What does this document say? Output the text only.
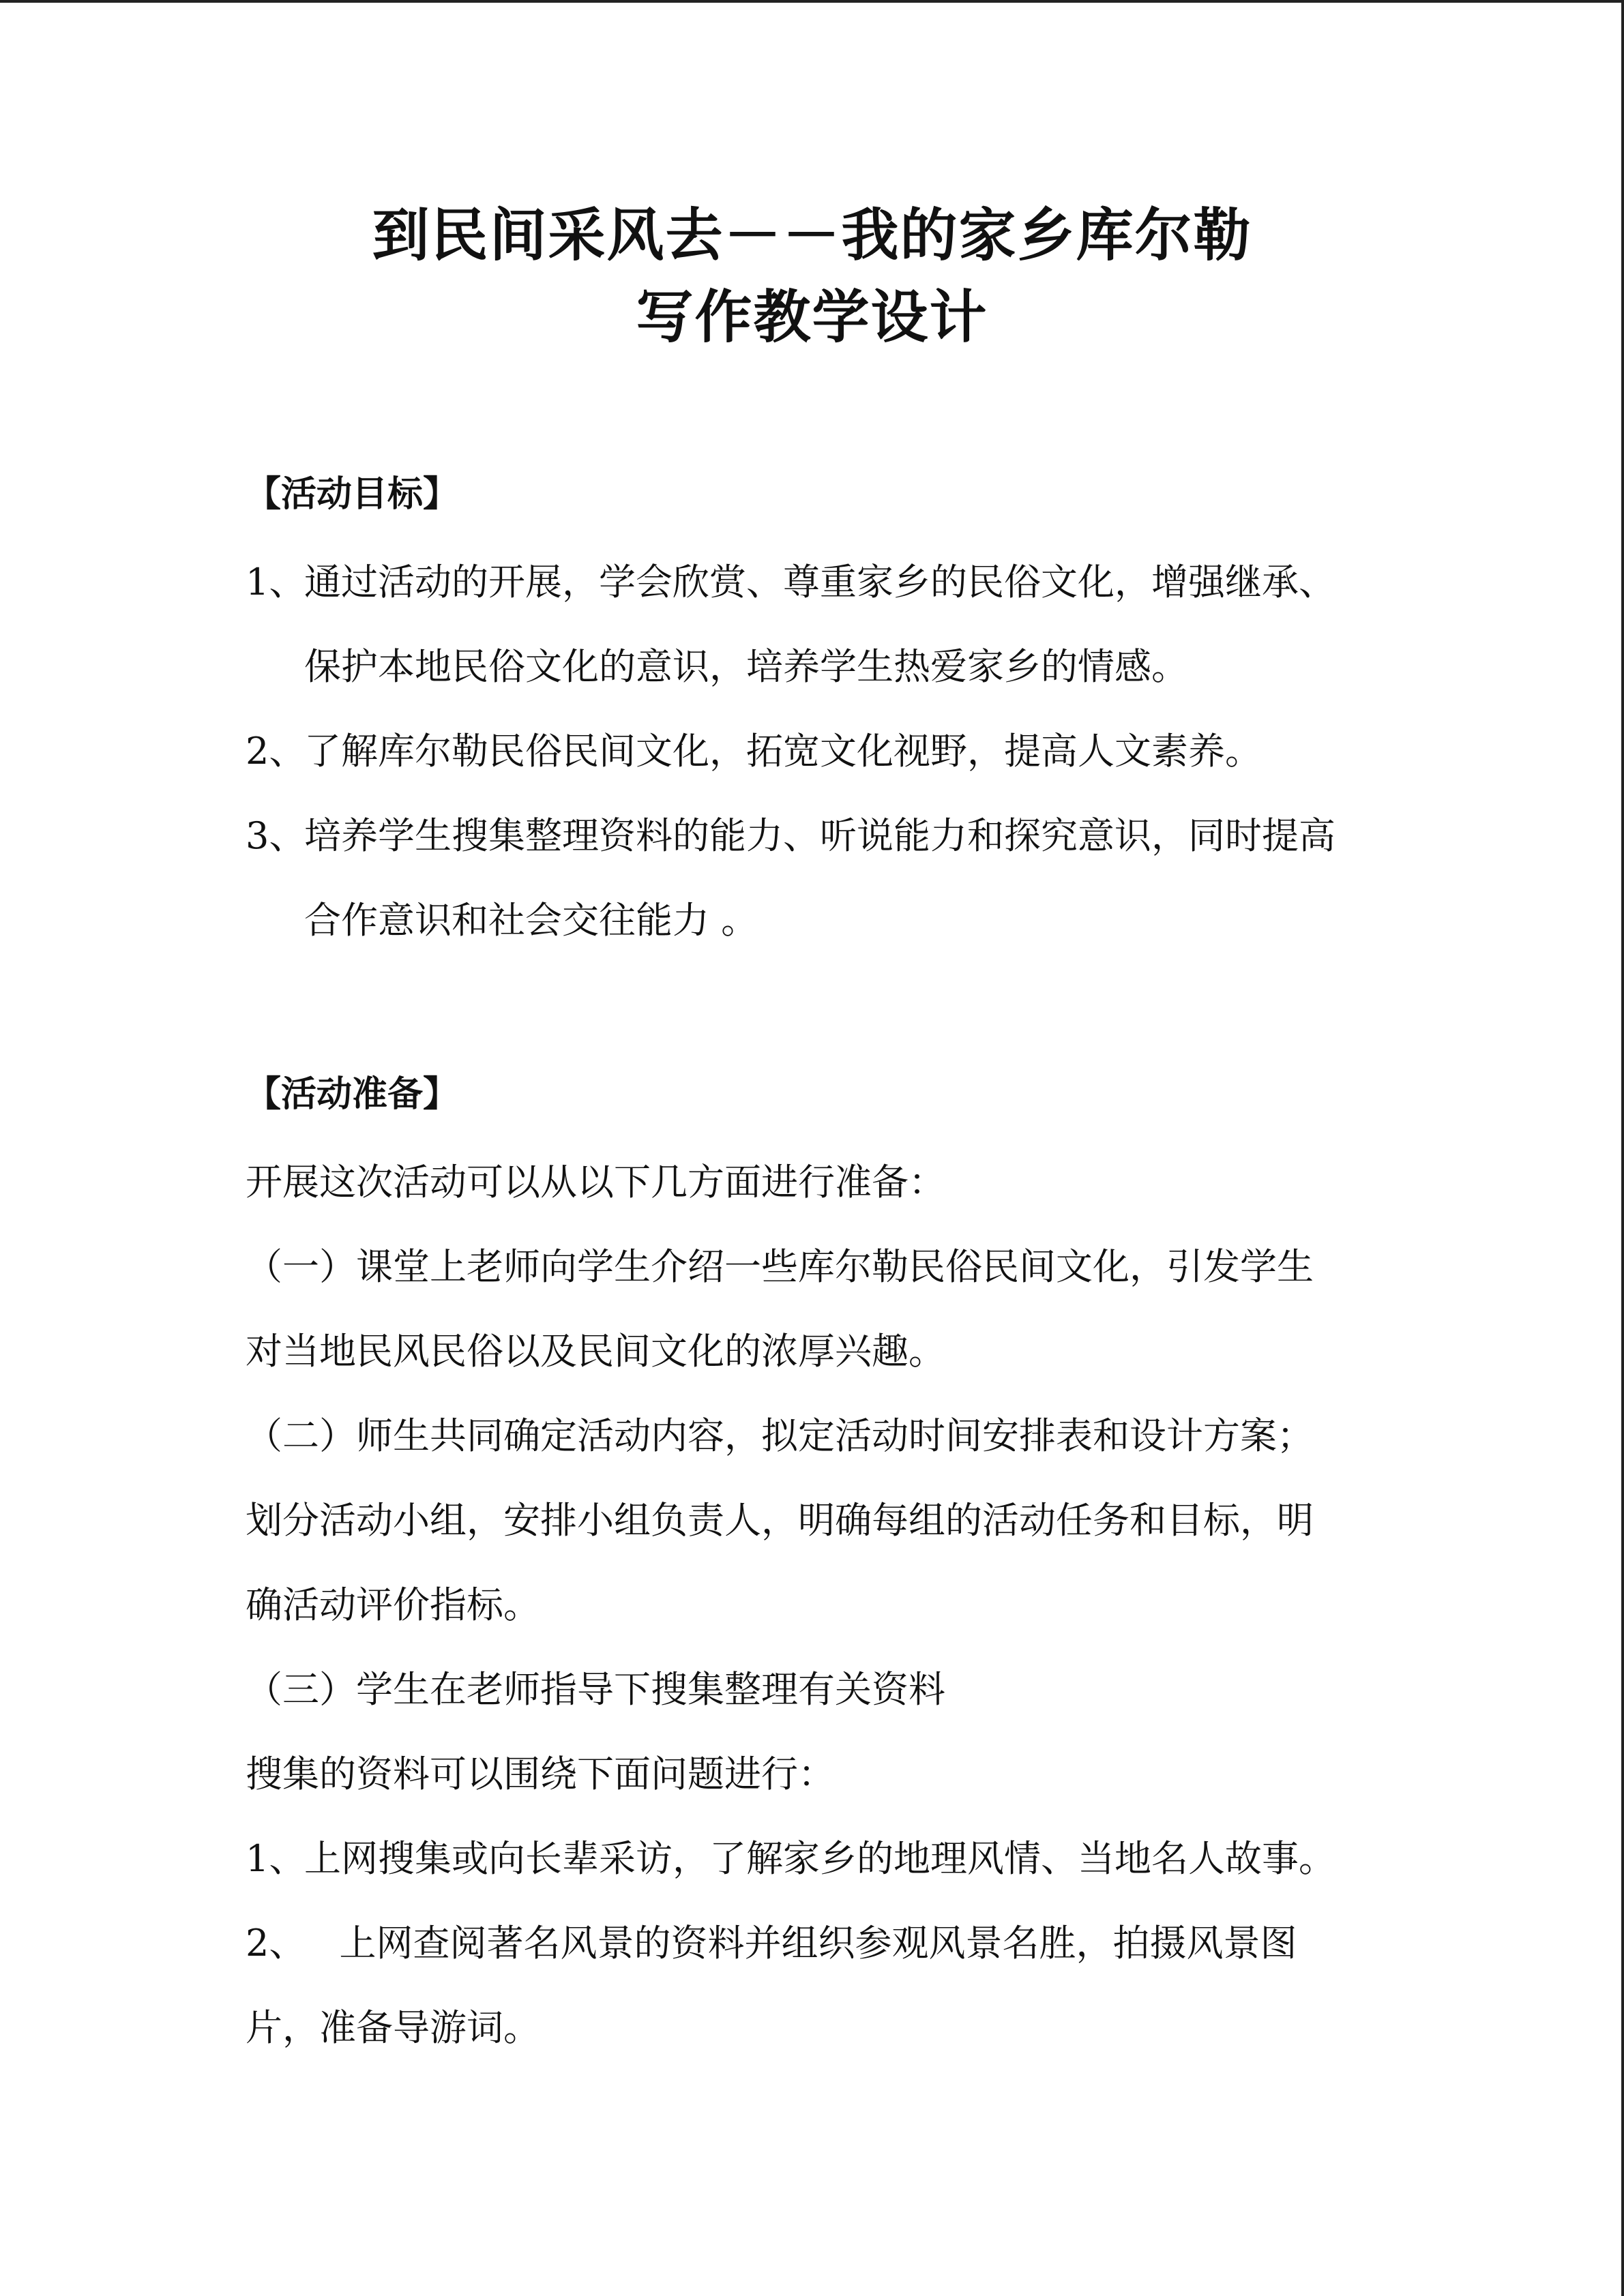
到民间采风去－－我的家乡库尔勒
写作教学设计
【活动目标】

1、通过活动的开展，学会欣赏、尊重家乡的民俗文化，增强继承、
保护本地民俗文化的意识，培养学生热爱家乡的情感。

2、了解库尔勒民俗民间文化，拓宽文化视野，提高人文素养。

3、培养学生搜集整理资料的能力、听说能力和探究意识，同时提高
合作意识和社会交往能力 。

【活动准备】

开展这次活动可以从以下几方面进行准备：

（一）课堂上老师向学生介绍一些库尔勒民俗民间文化，引发学生

对当地民风民俗以及民间文化的浓厚兴趣。

（二）师生共同确定活动内容，拟定活动时间安排表和设计方案；

划分活动小组，安排小组负责人，明确每组的活动任务和目标，明

确活动评价指标。

（三）学生在老师指导下搜集整理有关资料

搜集的资料可以围绕下面问题进行：

1、上网搜集或向长辈采访，了解家乡的地理风情、当地名人故事。

2、   上网查阅著名风景的资料并组织参观风景名胜，拍摄风景图

片，准备导游词。
